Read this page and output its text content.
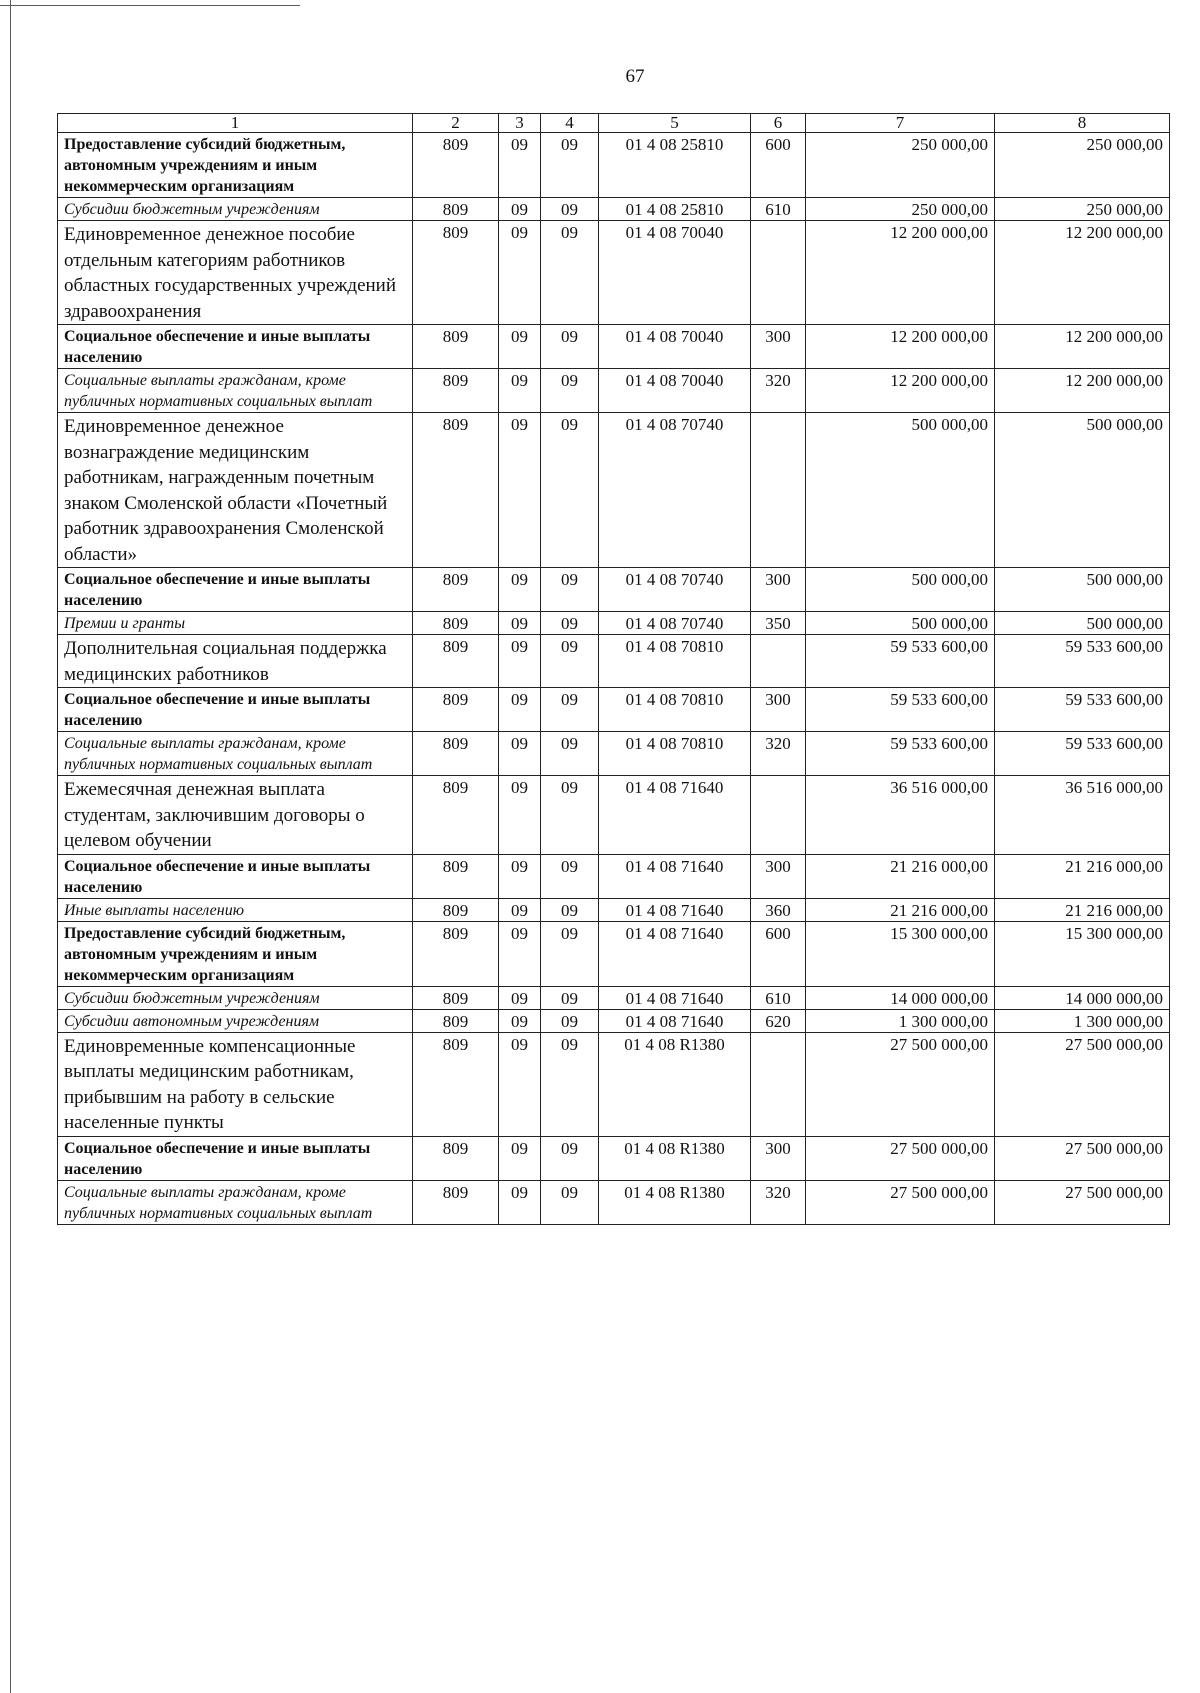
67
1	2	3	4	5	6	7	8
Предоставление субсидий бюджетным, автономным учреждениям и иным некоммерческим организациям	809	09	09	01 4 08 25810	600	250 000,00	250 000,00
Субсидии бюджетным учреждениям	809	09	09	01 4 08 25810	610	250 000,00	250 000,00
Единовременное денежное пособие отдельным категориям работников областных государственных учреждений здравоохранения	809	09	09	01 4 08 70040		12 200 000,00	12 200 000,00
Социальное обеспечение и иные выплаты населению	809	09	09	01 4 08 70040	300	12 200 000,00	12 200 000,00
Социальные выплаты гражданам, кроме публичных нормативных социальных выплат	809	09	09	01 4 08 70040	320	12 200 000,00	12 200 000,00
Единовременное денежное вознаграждение медицинским работникам, награжденным почетным знаком Смоленской области «Почетный работник здравоохранения Смоленской области»	809	09	09	01 4 08 70740		500 000,00	500 000,00
Социальное обеспечение и иные выплаты населению	809	09	09	01 4 08 70740	300	500 000,00	500 000,00
Премии и гранты	809	09	09	01 4 08 70740	350	500 000,00	500 000,00
Дополнительная социальная поддержка медицинских работников	809	09	09	01 4 08 70810		59 533 600,00	59 533 600,00
Социальное обеспечение и иные выплаты населению	809	09	09	01 4 08 70810	300	59 533 600,00	59 533 600,00
Социальные выплаты гражданам, кроме публичных нормативных социальных выплат	809	09	09	01 4 08 70810	320	59 533 600,00	59 533 600,00
Ежемесячная денежная выплата студентам, заключившим договоры о целевом обучении	809	09	09	01 4 08 71640		36 516 000,00	36 516 000,00
Социальное обеспечение и иные выплаты населению	809	09	09	01 4 08 71640	300	21 216 000,00	21 216 000,00
Иные выплаты населению	809	09	09	01 4 08 71640	360	21 216 000,00	21 216 000,00
Предоставление субсидий бюджетным, автономным учреждениям и иным некоммерческим организациям	809	09	09	01 4 08 71640	600	15 300 000,00	15 300 000,00
Субсидии бюджетным учреждениям	809	09	09	01 4 08 71640	610	14 000 000,00	14 000 000,00
Субсидии автономным учреждениям	809	09	09	01 4 08 71640	620	1 300 000,00	1 300 000,00
Единовременные компенсационные выплаты медицинским работникам, прибывшим на работу в сельские населенные пункты	809	09	09	01 4 08 R1380		27 500 000,00	27 500 000,00
Социальное обеспечение и иные выплаты населению	809	09	09	01 4 08 R1380	300	27 500 000,00	27 500 000,00
Социальные выплаты гражданам, кроме публичных нормативных социальных выплат	809	09	09	01 4 08 R1380	320	27 500 000,00	27 500 000,00
